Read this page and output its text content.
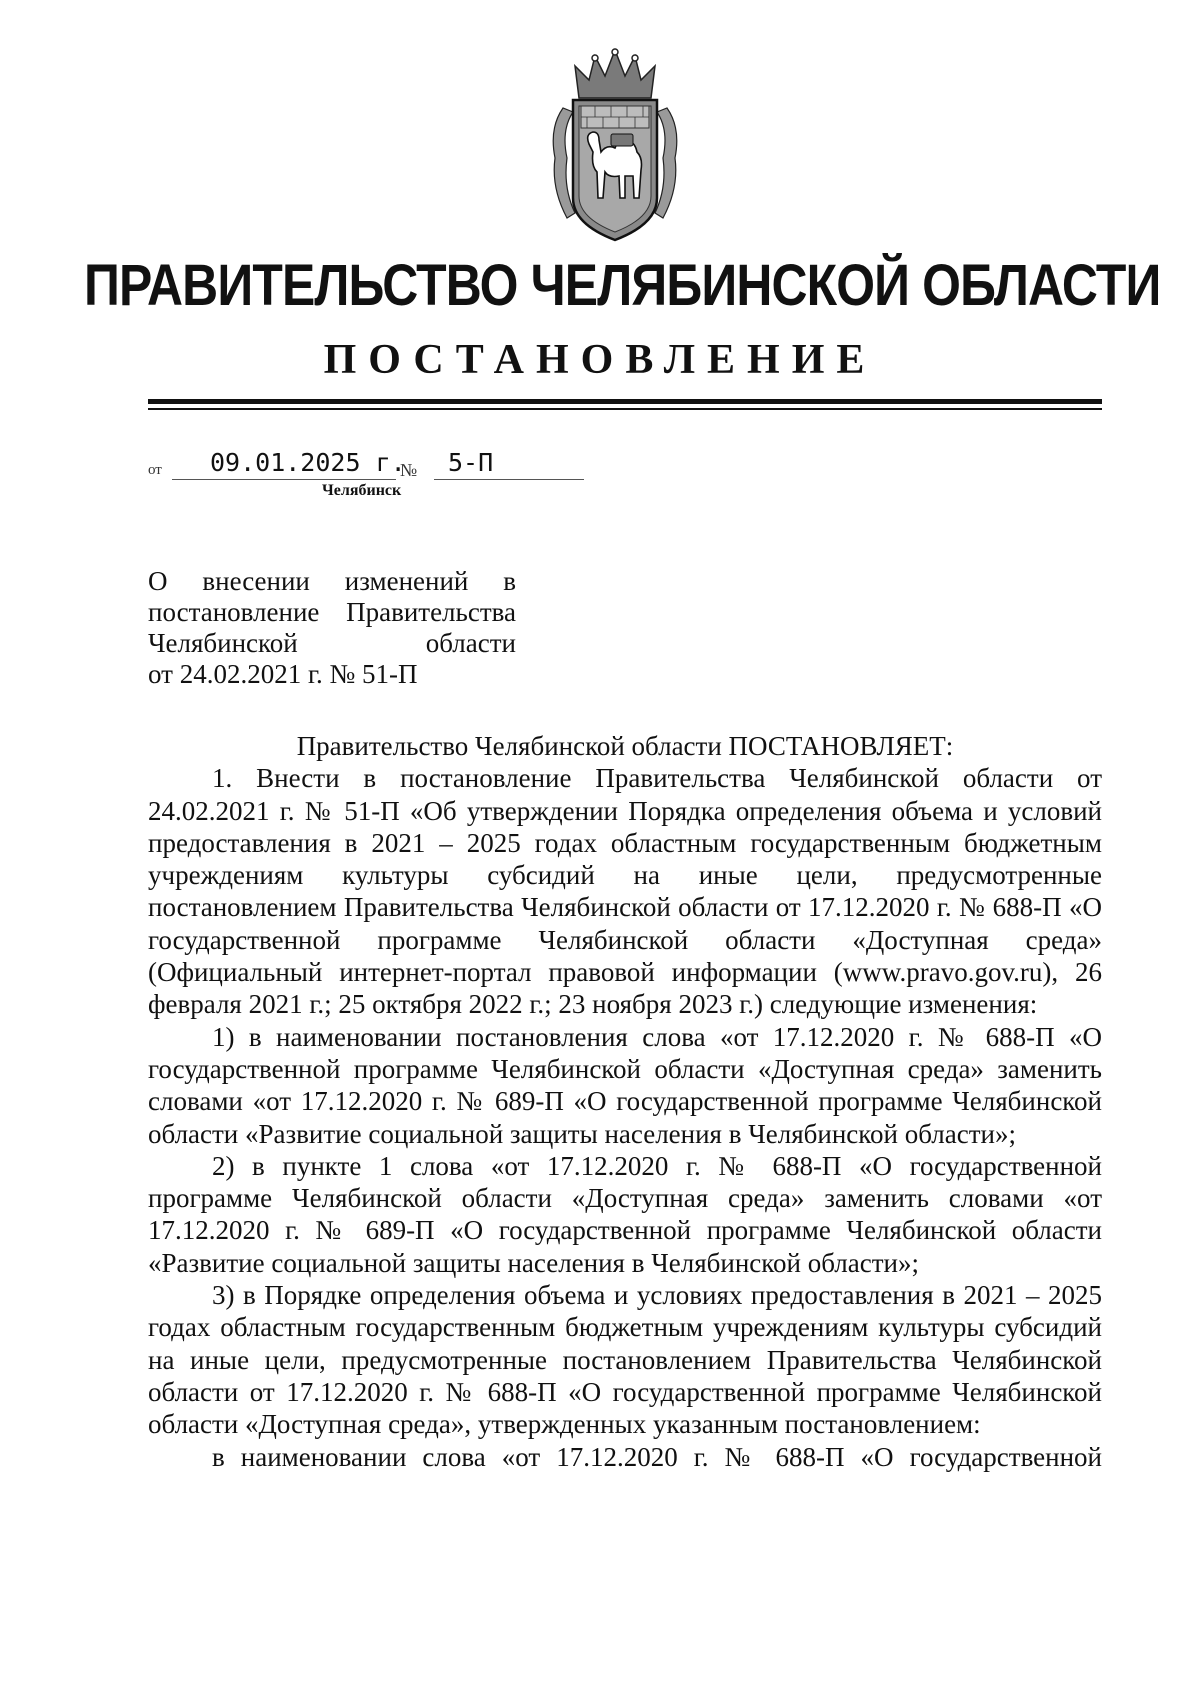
ПРАВИТЕЛЬСТВО ЧЕЛЯБИНСКОЙ ОБЛАСТИ
ПОСТАНОВЛЕНИЕ
от 09.01.2025 г.
№ 5-П
Челябинск
О внесении изменений в постановление Правительства Челябинской области
от 24.02.2021 г. № 51-П

Правительство Челябинской области ПОСТАНОВЛЯЕТ:

1. Внести в постановление Правительства Челябинской области от 24.02.2021 г. № 51-П «Об утверждении Порядка определения объема и условий предоставления в 2021 – 2025 годах областным государственным бюджетным учреждениям культуры субсидий на иные цели, предусмотренные постановлением Правительства Челябинской области от 17.12.2020 г. № 688-П «О государственной программе Челябинской области «Доступная среда» (Официальный интернет-портал правовой информации (www.pravo.gov.ru), 26 февраля 2021 г.; 25 октября 2022 г.; 23 ноября 2023 г.) следующие изменения:

1) в наименовании постановления слова «от 17.12.2020 г. № 688-П «О государственной программе Челябинской области «Доступная среда» заменить словами «от 17.12.2020 г. № 689-П «О государственной программе Челябинской области «Развитие социальной защиты населения в Челябинской области»;

2) в пункте 1 слова «от 17.12.2020 г. № 688-П «О государственной программе Челябинской области «Доступная среда» заменить словами «от 17.12.2020 г. № 689-П «О государственной программе Челябинской области «Развитие социальной защиты населения в Челябинской области»;

3) в Порядке определения объема и условиях предоставления в 2021 – 2025 годах областным государственным бюджетным учреждениям культуры субсидий на иные цели, предусмотренные постановлением Правительства Челябинской области от 17.12.2020 г. № 688-П «О государственной программе Челябинской области «Доступная среда», утвержденных указанным постановлением:

в наименовании слова «от 17.12.2020 г. № 688-П «О государственной
